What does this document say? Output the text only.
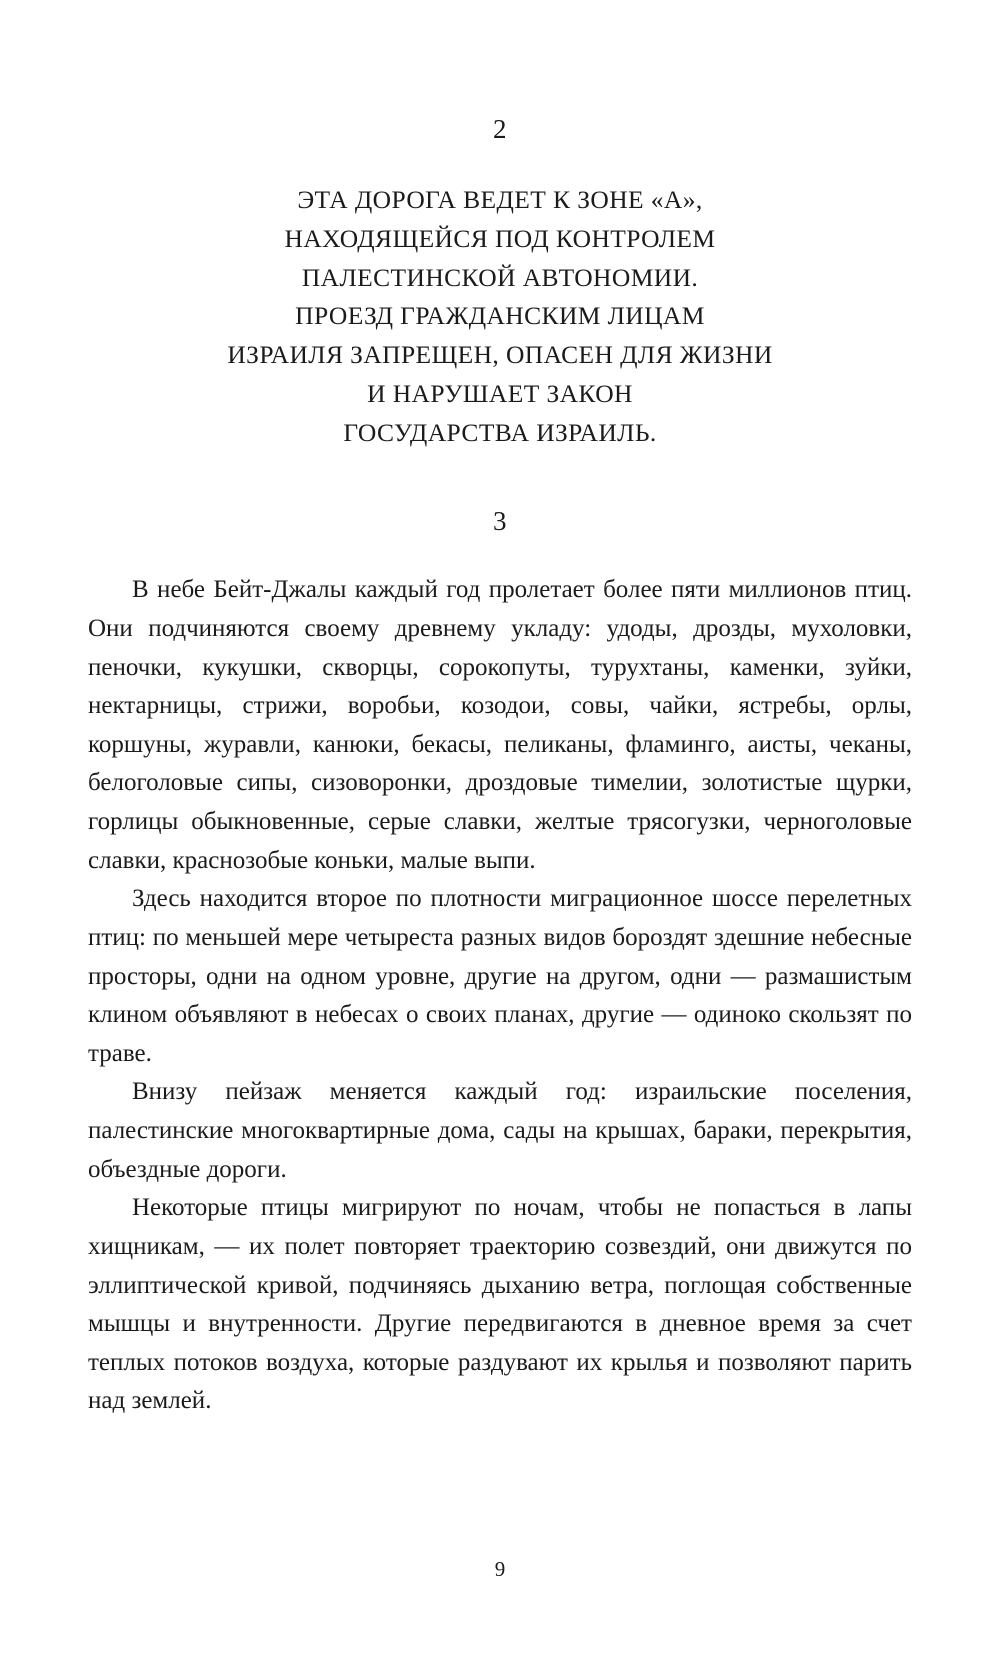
2
ЭТА ДОРОГА ВЕДЕТ К ЗОНЕ «А»,
НАХОДЯЩЕЙСЯ ПОД КОНТРОЛЕМ
ПАЛЕСТИНСКОЙ АВТОНОМИИ.
ПРОЕЗД ГРАЖДАНСКИМ ЛИЦАМ
ИЗРАИЛЯ ЗАПРЕЩЕН, ОПАСЕН ДЛЯ ЖИЗНИ
И НАРУШАЕТ ЗАКОН
ГОСУДАРСТВА ИЗРАИЛЬ.
3

В небе Бейт-Джалы каждый год пролетает более пяти миллионов птиц. Они подчиняются своему древнему укладу: удоды, дрозды, мухоловки, пеночки, кукушки, скворцы, сорокопуты, турухтаны, каменки, зуйки, нектарницы, стрижи, воробьи, козодои, совы, чайки, ястребы, орлы, коршуны, журавли, канюки, бекасы, пеликаны, фламинго, аисты, чеканы, белоголовые сипы, сизоворонки, дроздовые тимелии, золотистые щурки, горлицы обыкновенные, серые славки, желтые трясогузки, черноголовые славки, краснозобые коньки, малые выпи.

Здесь находится второе по плотности миграционное шоссе перелетных птиц: по меньшей мере четыреста разных видов бороздят здешние небесные просторы, одни на одном уровне, другие на другом, одни — размашистым клином объявляют в небесах о своих планах, другие — одиноко скользят по траве.

Внизу пейзаж меняется каждый год: израильские поселения, палестинские многоквартирные дома, сады на крышах, бараки, перекрытия, объездные дороги.

Некоторые птицы мигрируют по ночам, чтобы не попасться в лапы хищникам, — их полет повторяет траекторию созвездий, они движутся по эллиптической кривой, подчиняясь дыханию ветра, поглощая собственные мышцы и внутренности. Другие передвигаются в дневное время за счет теплых потоков воздуха, которые раздувают их крылья и позволяют парить над землей.

9
